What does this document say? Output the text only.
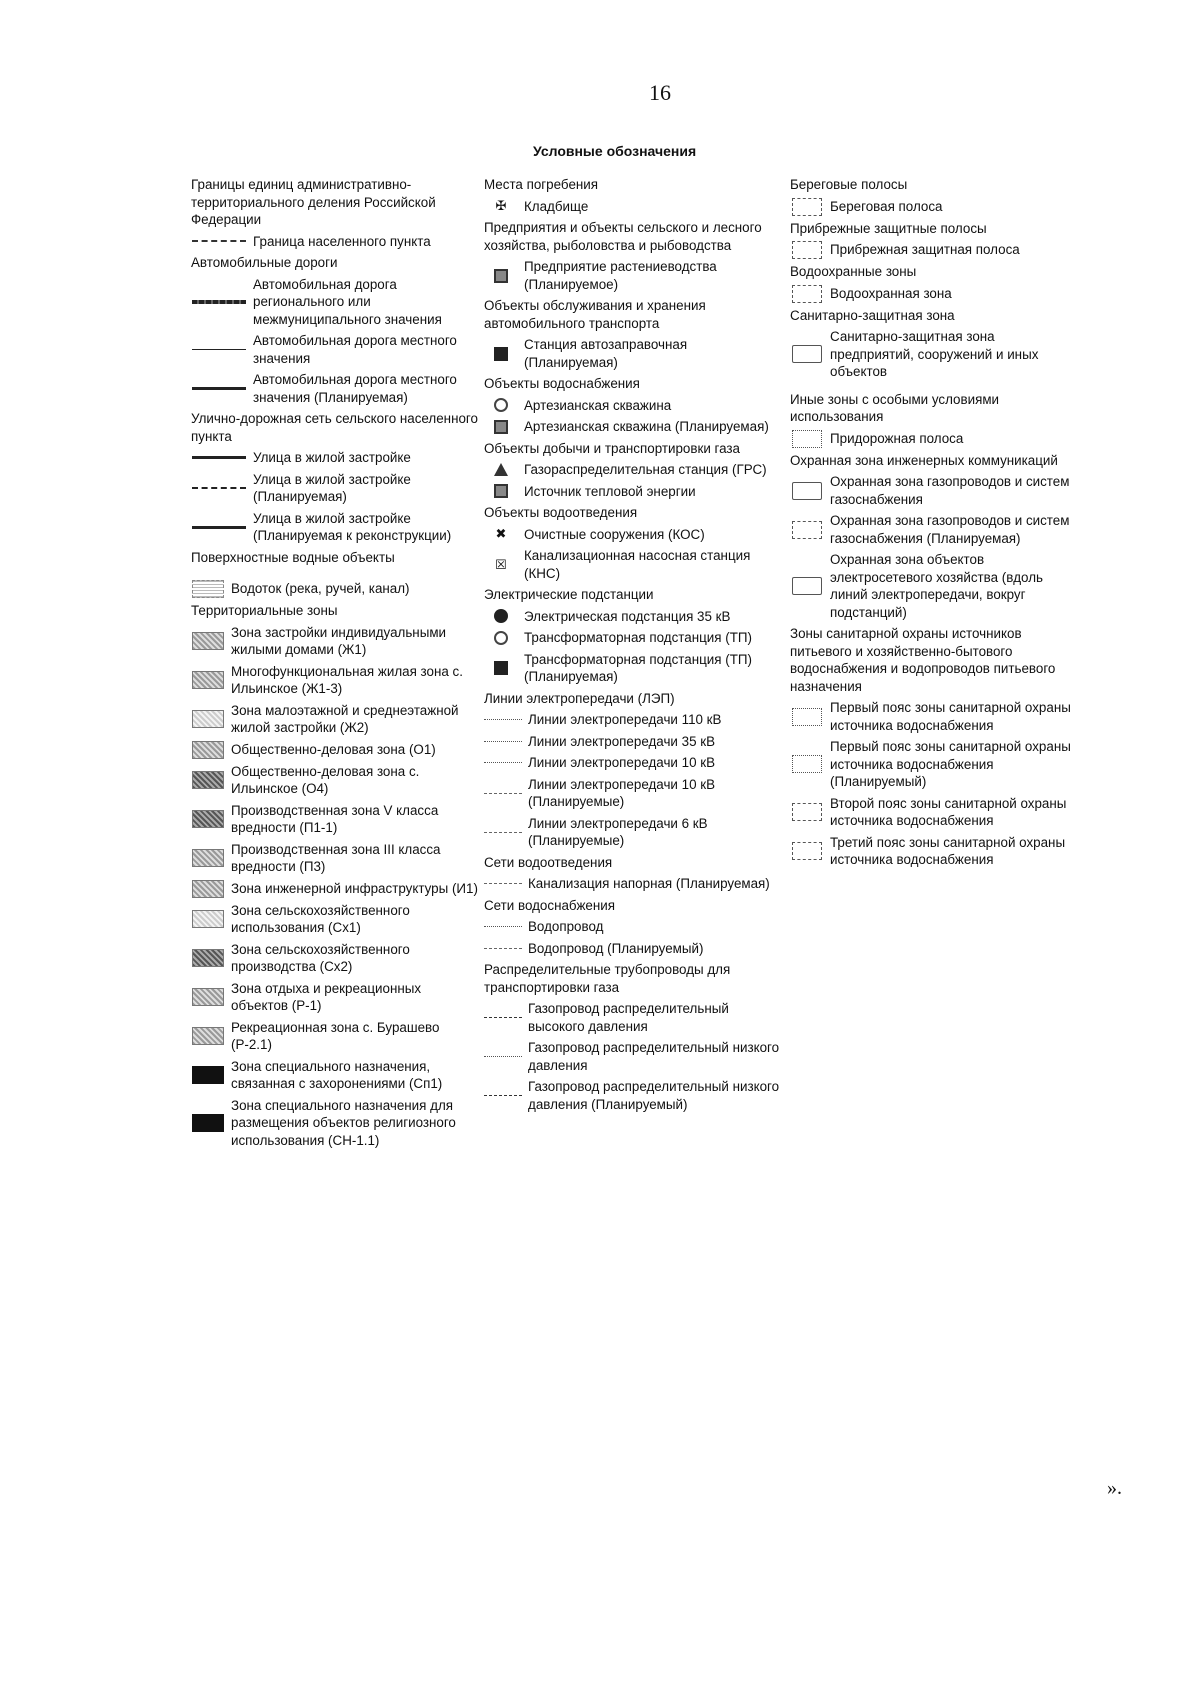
16
Условные обозначения
Границы единиц административно-территориального деления Российской Федерации
Граница населенного пункта
Автомобильные дороги
Автомобильная дорога регионального или межмуниципального значения
Автомобильная дорога местного значения
Автомобильная дорога местного значения (Планируемая)
Улично-дорожная сеть сельского населенного пункта
Улица в жилой застройке
Улица в жилой застройке (Планируемая)
Улица в жилой застройке (Планируемая к реконструкции)
Поверхностные водные объекты
Водоток (река, ручей, канал)
Территориальные зоны
Зона застройки индивидуальными жилыми домами (Ж1)
Многофункциональная жилая зона с. Ильинское (Ж1-3)
Зона малоэтажной и среднеэтажной жилой застройки (Ж2)
Общественно-деловая зона (О1)
Общественно-деловая зона с. Ильинское (О4)
Производственная зона V класса вредности (П1-1)
Производственная зона III класса вредности (П3)
Зона инженерной инфраструктуры (И1)
Зона сельскохозяйственного использования (Сх1)
Зона сельскохозяйственного производства (Сх2)
Зона отдыха и рекреационных объектов (Р-1)
Рекреационная зона с. Бурашево (Р-2.1)
Зона специального назначения, связанная с захоронениями (Сп1)
Зона специального назначения для размещения объектов религиозного использования (СН-1.1)
Места погребения
✠ Кладбище
Предприятия и объекты сельского и лесного хозяйства, рыболовства и рыбоводства
Предприятие растениеводства (Планируемое)
Объекты обслуживания и хранения автомобильного транспорта
Станция автозаправочная (Планируемая)
Объекты водоснабжения
Артезианская скважина
Артезианская скважина (Планируемая)
Объекты добычи и транспортировки газа
Газораспределительная станция (ГРС)
Источник тепловой энергии
Объекты водоотведения
✖ Очистные сооружения (КОС)
☒
Канализационная насосная станция (КНС)
Электрические подстанции
Электрическая подстанция 35 кВ
Трансформаторная подстанция (ТП)
Трансформаторная подстанция (ТП) (Планируемая)
Линии электропередачи (ЛЭП)
Линии электропередачи 110 кВ
Линии электропередачи 35 кВ
Линии электропередачи 10 кВ
Линии электропередачи 10 кВ (Планируемые)
Линии электропередачи 6 кВ (Планируемые)
Сети водоотведения
Канализация напорная (Планируемая)
Сети водоснабжения
Водопровод
Водопровод (Планируемый)
Распределительные трубопроводы для транспортировки газа
Газопровод распределительный высокого давления
Газопровод распределительный низкого давления
Газопровод распределительный низкого давления (Планируемый)
Береговые полосы
Береговая полоса
Прибрежные защитные полосы
Прибрежная защитная полоса
Водоохранные зоны
Водоохранная зона
Санитарно-защитная зона
Санитарно-защитная зона предприятий, сооружений и иных объектов
Иные зоны с особыми условиями использования
Придорожная полоса
Охранная зона инженерных коммуникаций
Охранная зона газопроводов и систем газоснабжения
Охранная зона газопроводов и систем газоснабжения (Планируемая)
Охранная зона объектов электросетевого хозяйства (вдоль линий электропередачи, вокруг подстанций)
Зоны санитарной охраны источников питьевого и хозяйственно-бытового водоснабжения и водопроводов питьевого назначения
Первый пояс зоны санитарной охраны источника водоснабжения
Первый пояс зоны санитарной охраны источника водоснабжения (Планируемый)
Второй пояс зоны санитарной охраны источника водоснабжения
Третий пояс зоны санитарной охраны источника водоснабжения
».
